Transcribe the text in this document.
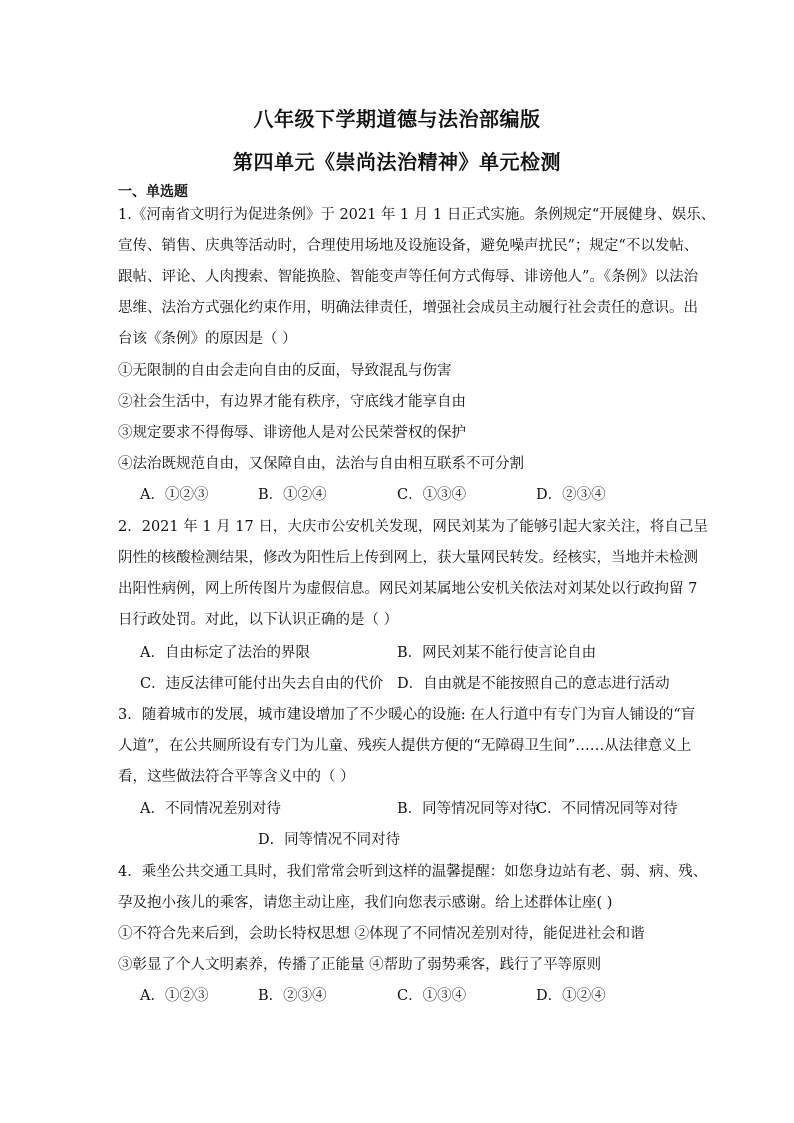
八年级下学期道德与法治部编版
第四单元《崇尚法治精神》单元检测
一、单选题
1.《河南省文明行为促进条例》于 2021 年 1 月 1 日正式实施。条例规定“开展健身、娱乐、
宣传、销售、庆典等活动时，合理使用场地及设施设备，避免噪声扰民”；规定“不以发帖、
跟帖、评论、人肉搜索、智能换脸、智能变声等任何方式侮辱、诽谤他人”。《条例》以法治
思维、法治方式强化约束作用，明确法律责任，增强社会成员主动履行社会责任的意识。出
台该《条例》的原因是（ ）
①无限制的自由会走向自由的反面，导致混乱与伤害
②社会生活中，有边界才能有秩序，守底线才能享自由
③规定要求不得侮辱、诽谤他人是对公民荣誉权的保护
④法治既规范自由，又保障自由，法治与自由相互联系不可分割
A．①②③	B．①②④	C．①③④	D．②③④
2．2021 年 1 月 17 日，大庆市公安机关发现，网民刘某为了能够引起大家关注，将自己呈
阴性的核酸检测结果，修改为阳性后上传到网上，获大量网民转发。经核实，当地并未检测
出阳性病例，网上所传图片为虚假信息。网民刘某属地公安机关依法对刘某处以行政拘留 7
日行政处罚。对此，以下认识正确的是（ ）
A．自由标定了法治的界限	B．网民刘某不能行使言论自由
C．违反法律可能付出失去自由的代价 D．自由就是不能按照自己的意志进行活动
3．随着城市的发展，城市建设增加了不少暖心的设施: 在人行道中有专门为盲人铺设的“盲
人道”，在公共厕所设有专门为儿童、残疾人提供方便的“无障碍卫生间”……从法律意义上
看，这些做法符合平等含义中的（ ）
A．不同情况差别对待	B．同等情况同等对待
C．不同情况同等对待
D．同等情况不同对待
4．乘坐公共交通工具时，我们常常会听到这样的温馨提醒：如您身边站有老、弱、病、残、
孕及抱小孩儿的乘客，请您主动让座，我们向您表示感谢。给上述群体让座( )
①不符合先来后到，会助长特权思想 ②体现了不同情况差别对待，能促进社会和谐
③彰显了个人文明素养，传播了正能量 ④帮助了弱势乘客，践行了平等原则
A．①②③	B．②③④	C．①③④	D．①②④
